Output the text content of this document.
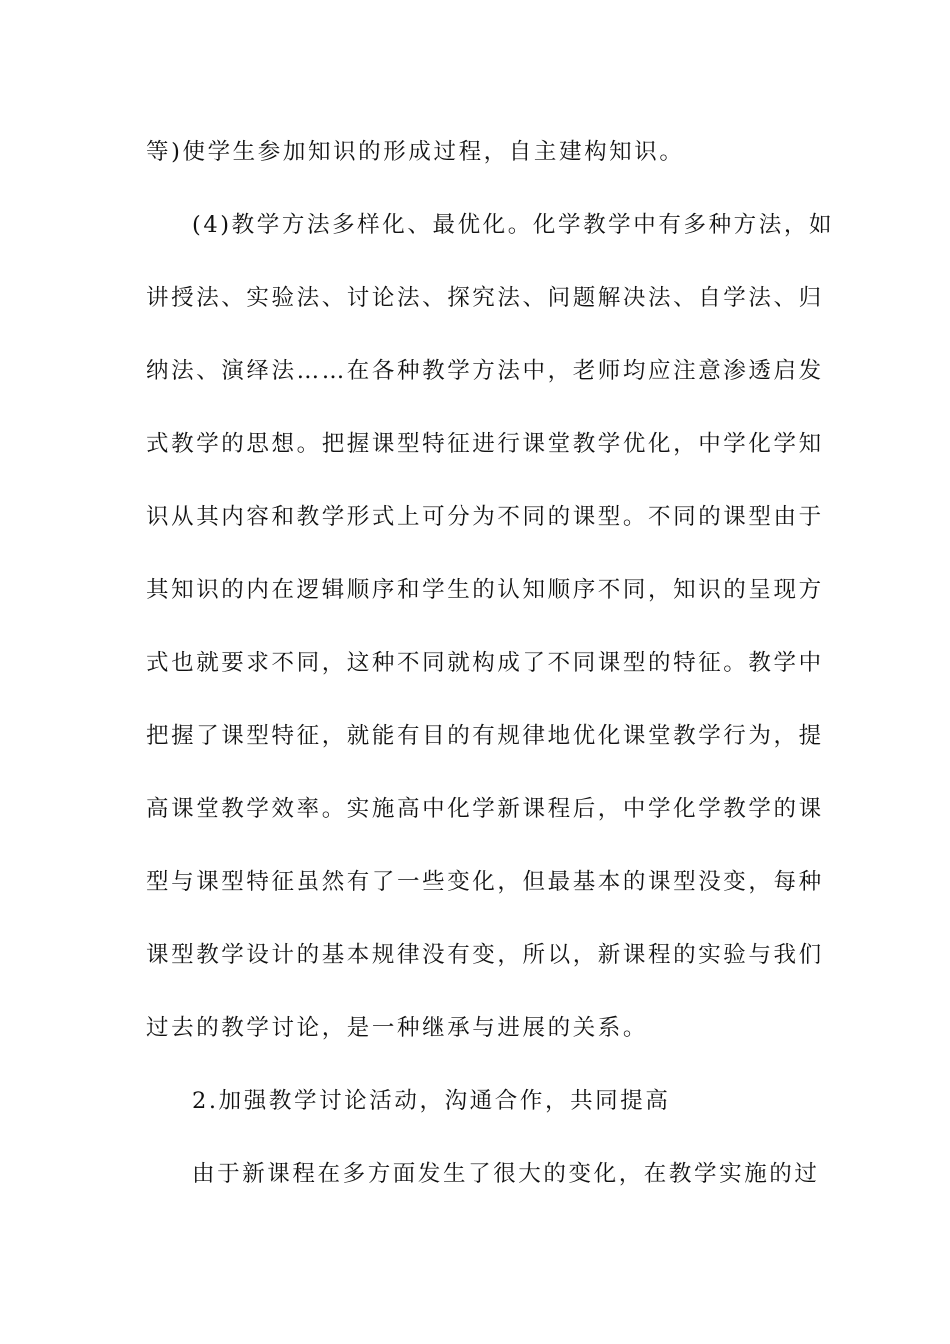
等)使学生参加知识的形成过程，自主建构知识。
(4)教学方法多样化、最优化。化学教学中有多种方法，如
讲授法、实验法、讨论法、探究法、问题解决法、自学法、归
纳法、演绎法……在各种教学方法中，老师均应注意渗透启发
式教学的思想。把握课型特征进行课堂教学优化，中学化学知
识从其内容和教学形式上可分为不同的课型。不同的课型由于
其知识的内在逻辑顺序和学生的认知顺序不同，知识的呈现方
式也就要求不同，这种不同就构成了不同课型的特征。教学中
把握了课型特征，就能有目的有规律地优化课堂教学行为，提
高课堂教学效率。实施高中化学新课程后，中学化学教学的课
型与课型特征虽然有了一些变化，但最基本的课型没变，每种
课型教学设计的基本规律没有变，所以，新课程的实验与我们
过去的教学讨论，是一种继承与进展的关系。
2.加强教学讨论活动，沟通合作，共同提高
由于新课程在多方面发生了很大的变化，在教学实施的过
